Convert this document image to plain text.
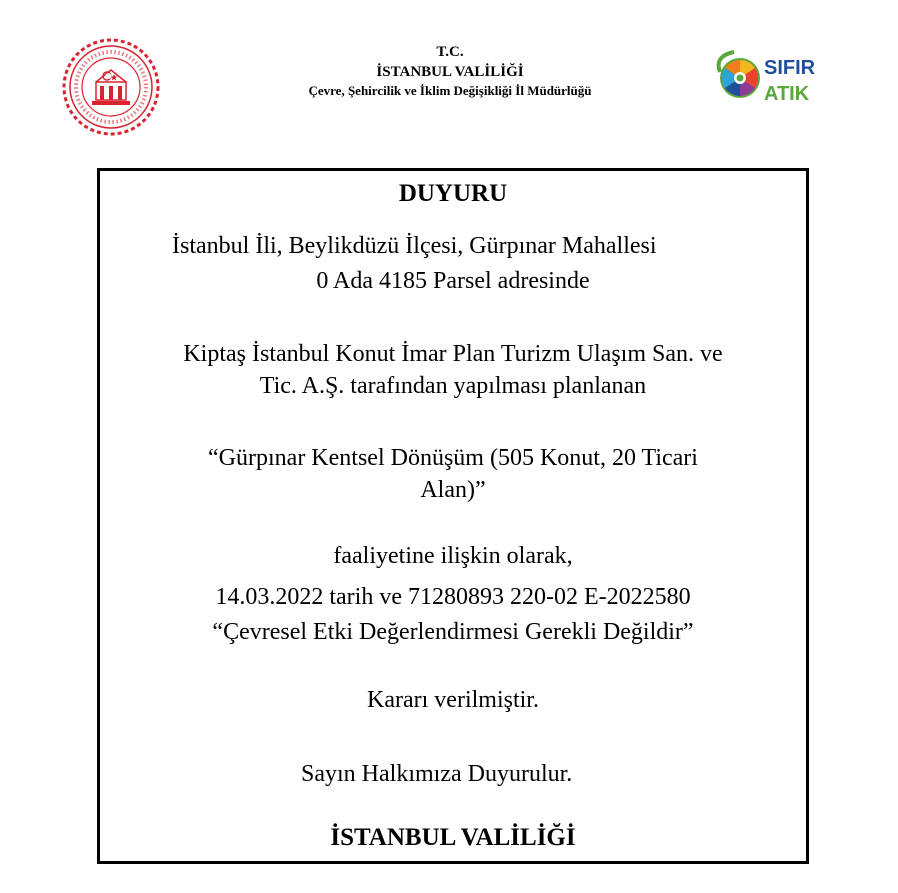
T.C.
İSTANBUL VALİLİĞİ
Çevre, Şehircilik ve İklim Değişikliği İl Müdürlüğü
SIFIR
ATIK
DUYURU
İstanbul İli, Beylikdüzü İlçesi, Gürpınar Mahallesi
0 Ada 4185 Parsel adresinde
Kiptaş İstanbul Konut İmar Plan Turizm Ulaşım San. ve
Tic. A.Ş. tarafından yapılması planlanan
“Gürpınar Kentsel Dönüşüm (505 Konut, 20 Ticari
Alan)”
faaliyetine ilişkin olarak,
14.03.2022 tarih ve 71280893 220-02 E-2022580
“Çevresel Etki Değerlendirmesi Gerekli Değildir”
Kararı verilmiştir.
Sayın Halkımıza Duyurulur.
İSTANBUL VALİLİĞİ
